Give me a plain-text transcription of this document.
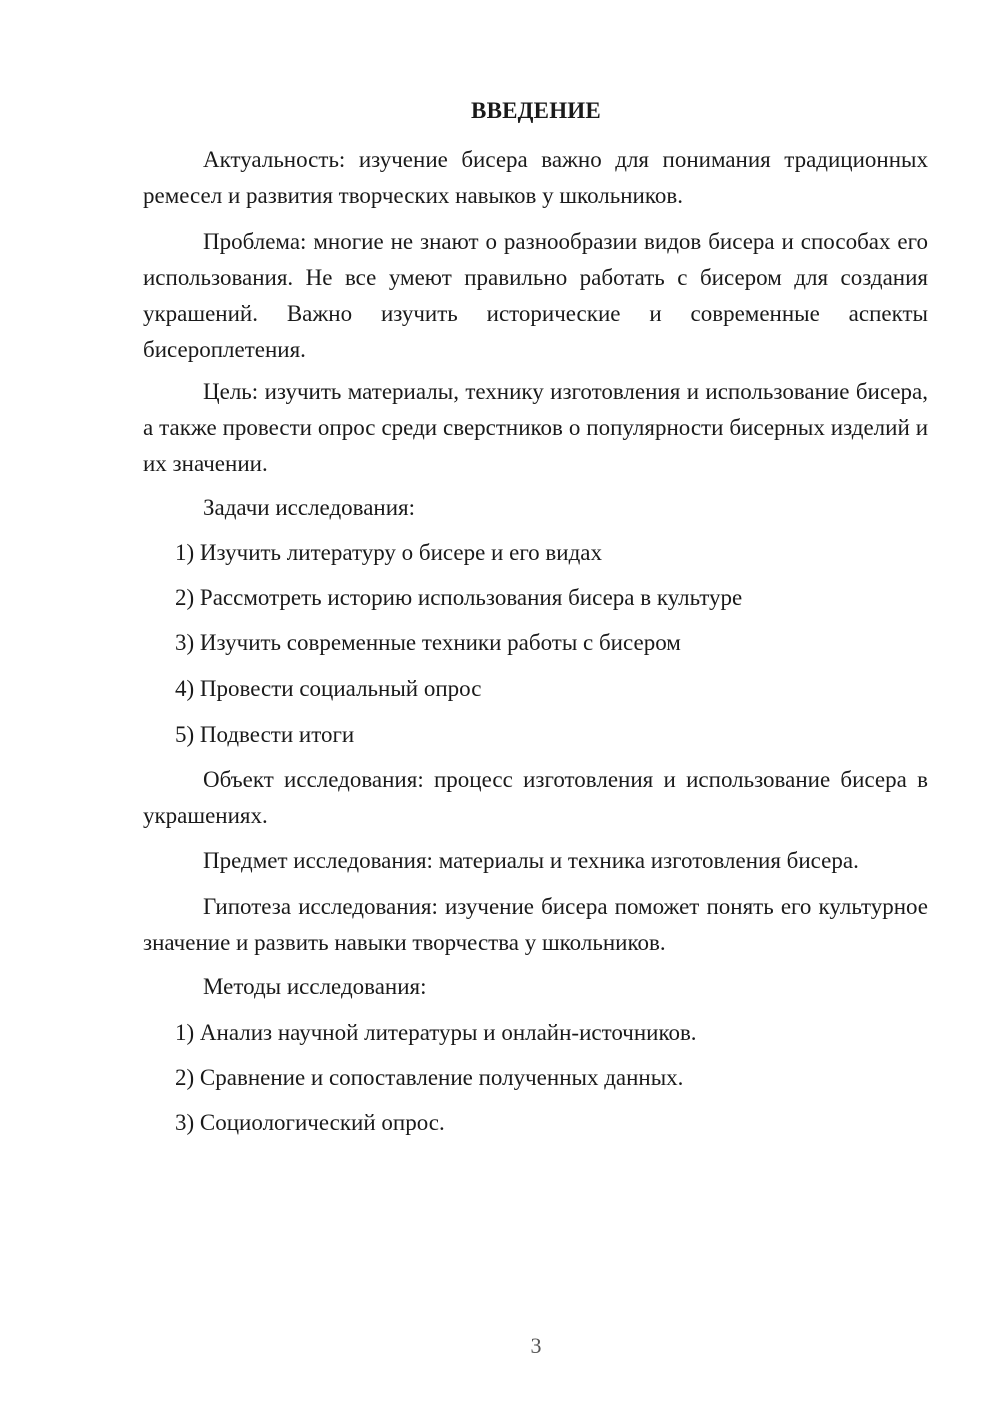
ВВЕДЕНИЕ

Актуальность: изучение бисера важно для понимания традиционных ремесел и развития творческих навыков у школьников.

Проблема: многие не знают о разнообразии видов бисера и способах его использования. Не все умеют правильно работать с бисером для создания украшений. Важно изучить исторические и современные аспекты бисероплетения.

Цель: изучить материалы, технику изготовления и использование бисера, а также провести опрос среди сверстников о популярности бисерных изделий и их значении.

Задачи исследования:
1) Изучить литературу о бисере и его видах
2) Рассмотреть историю использования бисера в культуре
3) Изучить современные техники работы с бисером
4) Провести социальный опрос
5) Подвести итоги

Объект исследования: процесс изготовления и использование бисера в украшениях.

Предмет исследования: материалы и техника изготовления бисера.

Гипотеза исследования: изучение бисера поможет понять его культурное значение и развить навыки творчества у школьников.

Методы исследования:
1) Анализ научной литературы и онлайн-источников.
2) Сравнение и сопоставление полученных данных.
3) Социологический опрос.
3
